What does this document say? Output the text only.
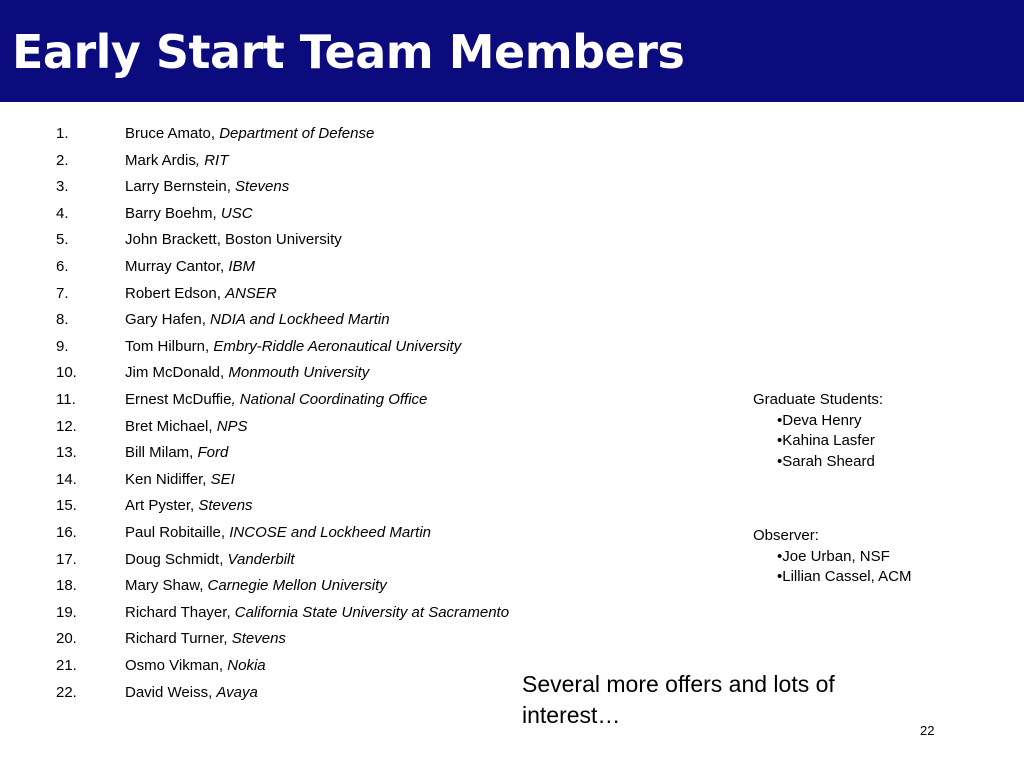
Early Start Team Members
1.	Bruce Amato, Department of Defense
2.	Mark Ardis, RIT
3.	Larry Bernstein, Stevens
4.	Barry Boehm, USC
5.	John Brackett, Boston University
6.	Murray Cantor, IBM
7.	Robert Edson, ANSER
8.	Gary Hafen, NDIA and Lockheed Martin
9.	Tom Hilburn, Embry-Riddle Aeronautical University
10.	Jim McDonald, Monmouth University
11.	Ernest McDuffie, National Coordinating Office
12.	Bret Michael, NPS
13.	Bill Milam, Ford
14.	Ken Nidiffer, SEI
15.	Art Pyster, Stevens
16.	Paul Robitaille, INCOSE and Lockheed Martin
17.	Doug Schmidt, Vanderbilt
18.	Mary Shaw, Carnegie Mellon University
19.	Richard Thayer, California State University at Sacramento
20.	Richard Turner, Stevens
21.	Osmo Vikman, Nokia
22.	David Weiss, Avaya
Graduate Students:
•Deva Henry
•Kahina Lasfer
•Sarah Sheard
Observer:
•Joe Urban, NSF
•Lillian Cassel, ACM
Several more offers and lots of interest…
22
